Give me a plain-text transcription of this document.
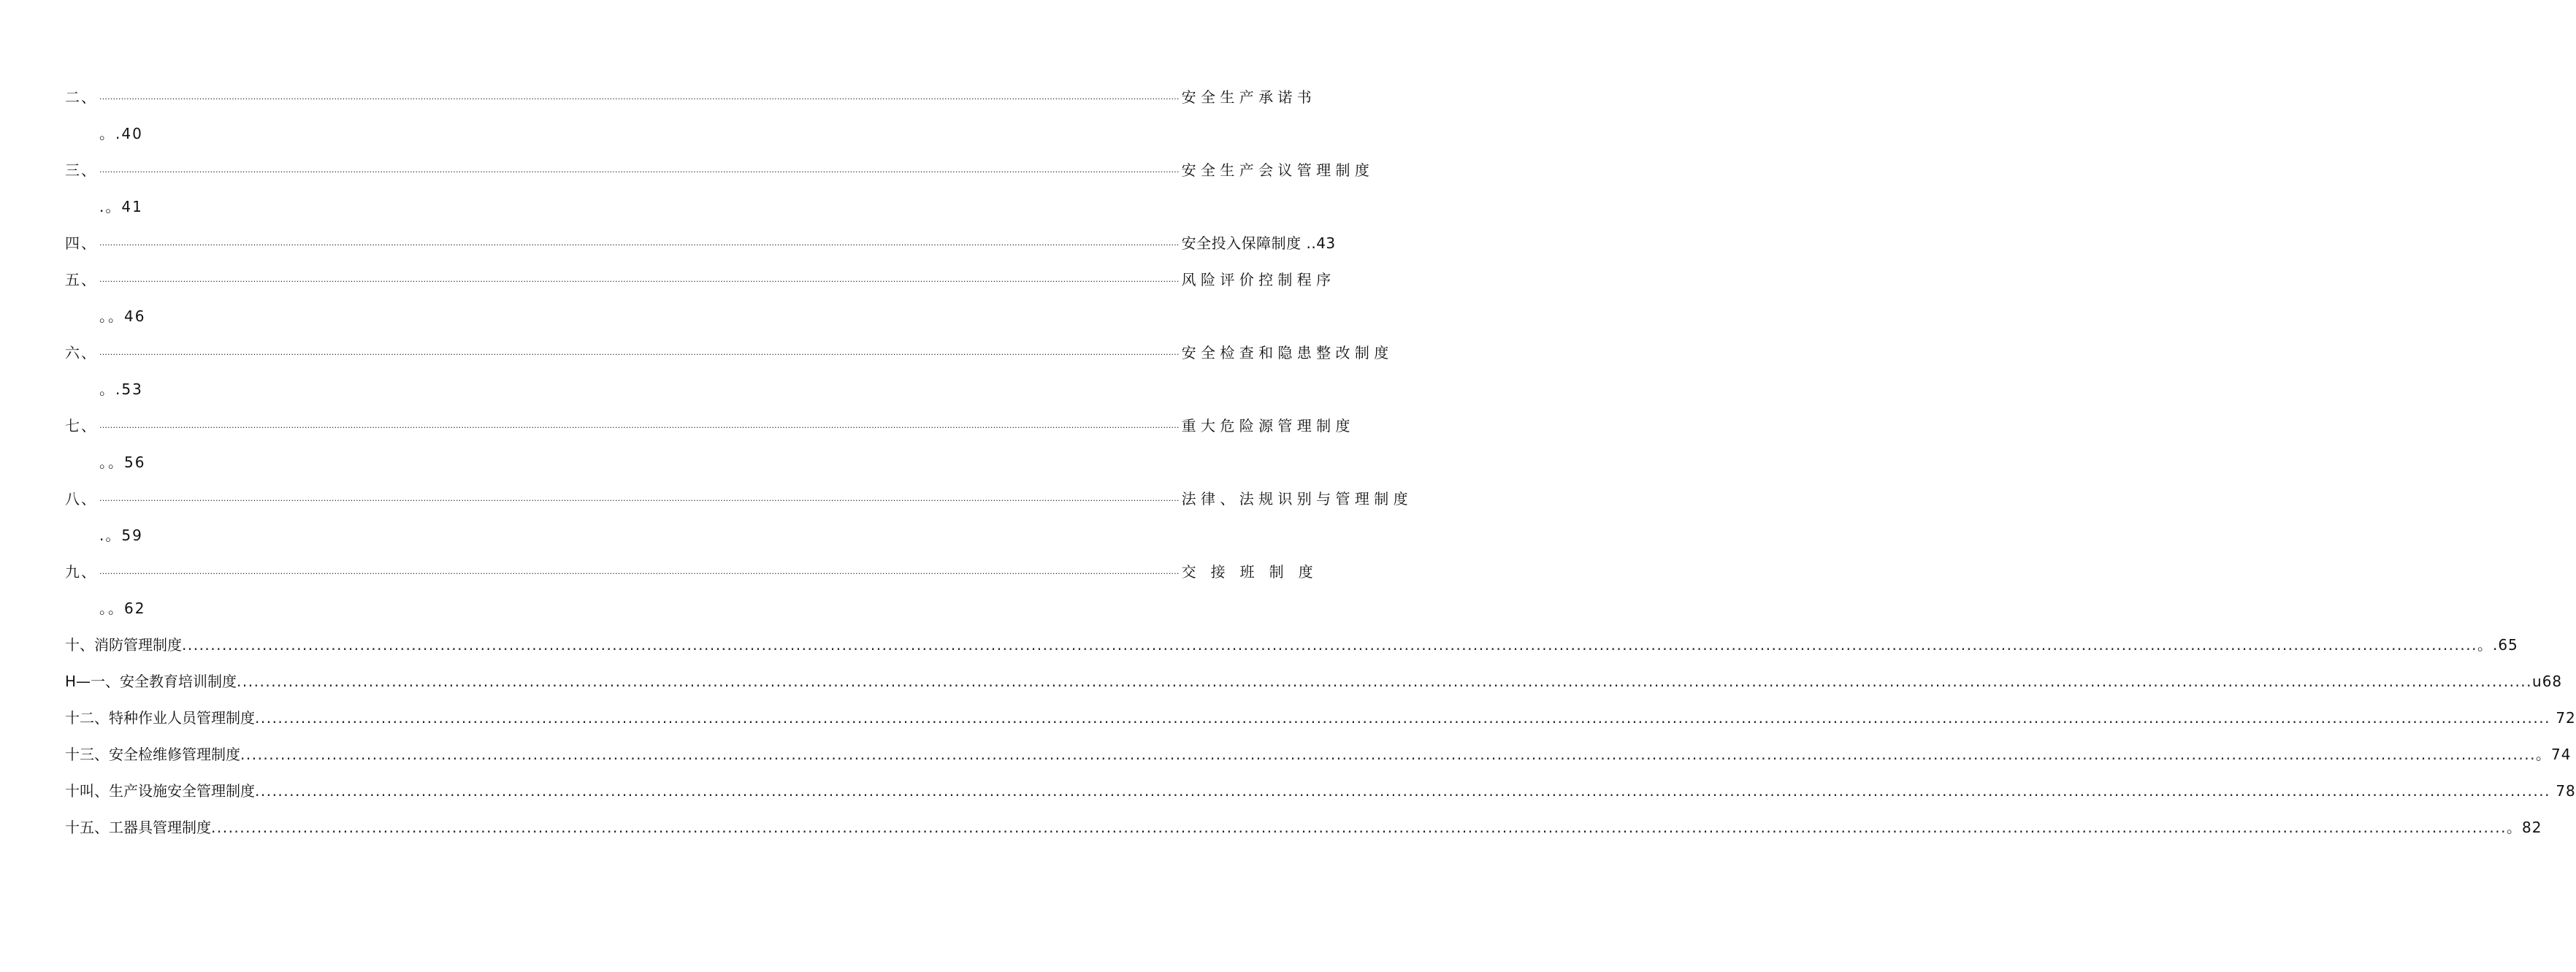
二、 ................................................................................................................................................................................................................................................................................................................................................................................................................ 安 全 生 产 承 诺 书
。.40
三、 ................................................................................................................................................................................................................................................................................................................................................................................................................ 安 全 生 产 会 议 管 理 制 度
.。41
四、 ................................................................................................................................................................................................................................................................................................................................................................................................................ 安全投入保障制度 ..43
五、 ................................................................................................................................................................................................................................................................................................................................................................................................................ 风 险 评 价 控 制 程 序
。。46
六、 ................................................................................................................................................................................................................................................................................................................................................................................................................ 安 全 检 查 和 隐 患 整 改 制 度
。.53
七、 ................................................................................................................................................................................................................................................................................................................................................................................................................ 重 大 危 险 源 管 理 制 度
。。56
八、 ................................................................................................................................................................................................................................................................................................................................................................................................................ 法 律 、 法 规 识 别 与 管 理 制 度
.。59
九、 ................................................................................................................................................................................................................................................................................................................................................................................................................ 交　接　班　制　度
。。62
十、消防管理制度 ................................................................................................................................................................................................................................................................................................................................................................................................................ 。.65
H—一、安全教育培训制度 ................................................................................................................................................................................................................................................................................................................................................................................................................ u68
十二、特种作业人员管理制度 ................................................................................................................................................................................................................................................................................................................................................................................................................ 72
十三、安全检维修管理制度 ................................................................................................................................................................................................................................................................................................................................................................................................................ 。74
十叫、生产设施安全管理制度 ................................................................................................................................................................................................................................................................................................................................................................................................................ 78
十五、工器具管理制度 ................................................................................................................................................................................................................................................................................................................................................................................................................ 。82
